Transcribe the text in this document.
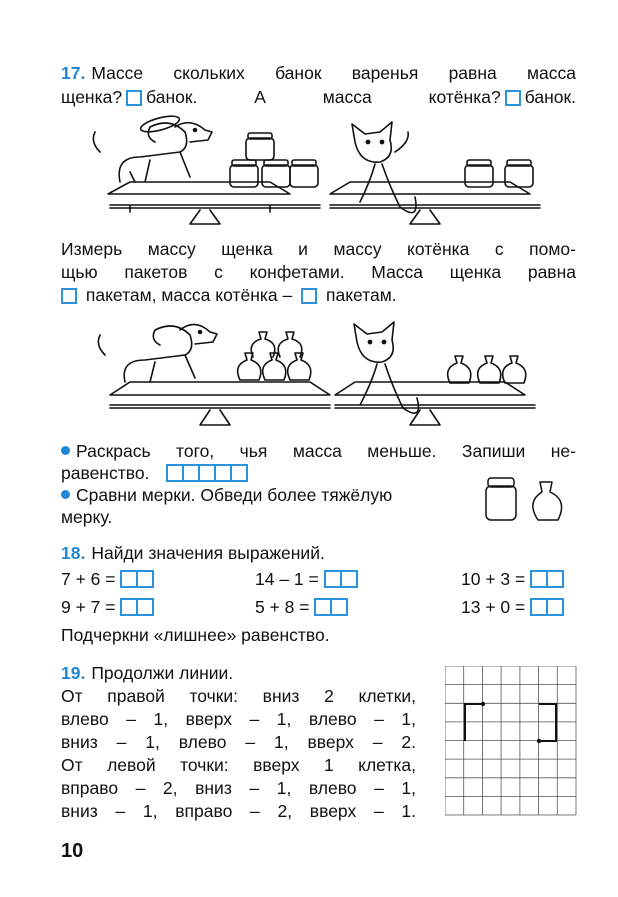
17. Массе скольких банок варенья равна масса
щенка? банок. А масса котёнка? банок.
Измерь массу щенка и массу котёнка с помо-
щью пакетов с конфетами. Масса щенка равна
пакетам, масса котёнка – пакетам.
Раскрась того, чья масса меньше. Запиши не-
равенство.
Сравни мерки. Обведи более тяжёлую
мерку.
18. Найди значения выражений.
7 + 6 =	14 – 1 =	10 + 3 =
9 + 7 =	5 + 8 =	13 + 0 =
Подчеркни «лишнее» равенство.
19. Продолжи линии.
От правой точки: вниз 2 клетки,
влево – 1, вверх – 1, влево – 1,
вниз – 1, влево – 1, вверх – 2.
От левой точки: вверх 1 клетка,
вправо – 2, вниз – 1, влево – 1,
вниз – 1, вправо – 2, вверх – 1.
10
